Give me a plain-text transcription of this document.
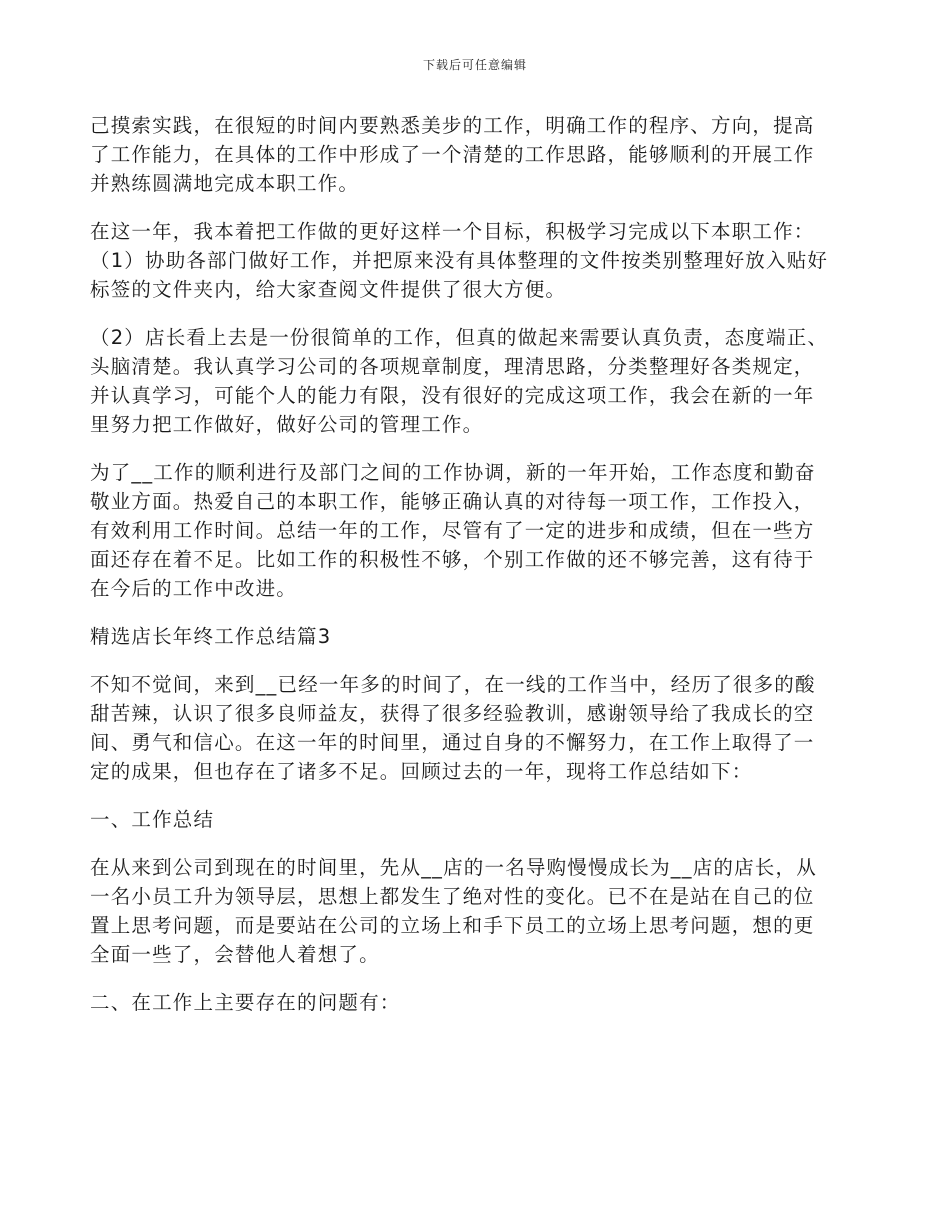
下载后可任意编辑

己摸索实践，在很短的时间内要熟悉美步的工作，明确工作的程序、方向，提高
了工作能力，在具体的工作中形成了一个清楚的工作思路，能够顺利的开展工作
并熟练圆满地完成本职工作。

在这一年，我本着把工作做的更好这样一个目标，积极学习完成以下本职工作：
（1）协助各部门做好工作，并把原来没有具体整理的文件按类别整理好放入贴好
标签的文件夹内，给大家查阅文件提供了很大方便。

（2）店长看上去是一份很简单的工作，但真的做起来需要认真负责，态度端正、
头脑清楚。我认真学习公司的各项规章制度，理清思路，分类整理好各类规定，
并认真学习，可能个人的能力有限，没有很好的完成这项工作，我会在新的一年
里努力把工作做好，做好公司的管理工作。

为了__工作的顺利进行及部门之间的工作协调，新的一年开始，工作态度和勤奋
敬业方面。热爱自己的本职工作，能够正确认真的对待每一项工作，工作投入，
有效利用工作时间。总结一年的工作，尽管有了一定的进步和成绩，但在一些方
面还存在着不足。比如工作的积极性不够，个别工作做的还不够完善，这有待于
在今后的工作中改进。

精选店长年终工作总结篇3

不知不觉间，来到__已经一年多的时间了，在一线的工作当中，经历了很多的酸
甜苦辣，认识了很多良师益友，获得了很多经验教训，感谢领导给了我成长的空
间、勇气和信心。在这一年的时间里，通过自身的不懈努力，在工作上取得了一
定的成果，但也存在了诸多不足。回顾过去的一年，现将工作总结如下：

一、工作总结

在从来到公司到现在的时间里，先从__店的一名导购慢慢成长为__店的店长，从
一名小员工升为领导层，思想上都发生了绝对性的变化。已不在是站在自己的位
置上思考问题，而是要站在公司的立场上和手下员工的立场上思考问题，想的更
全面一些了，会替他人着想了。

二、在工作上主要存在的问题有：
